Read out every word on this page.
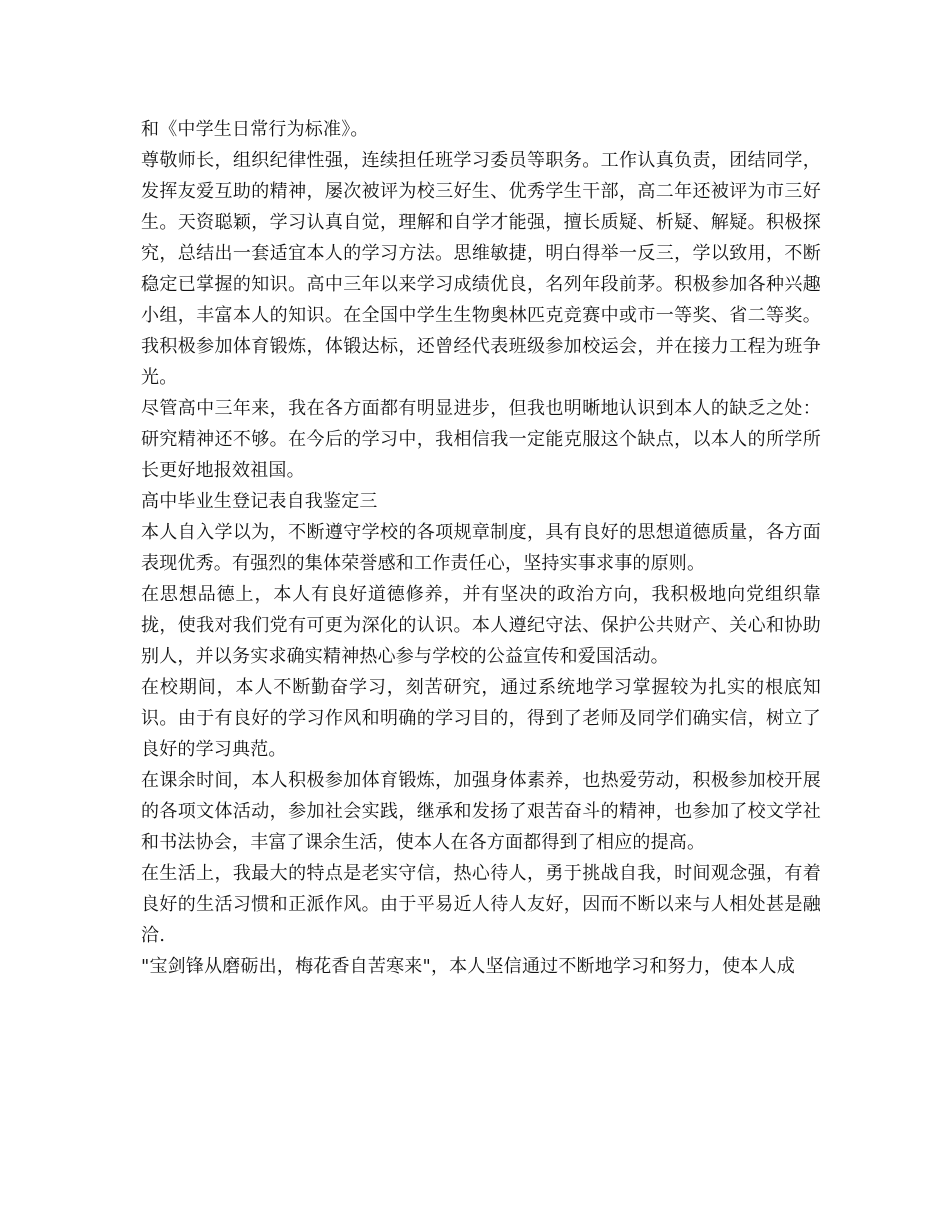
和《中学生日常行为标准》。

尊敬师长，组织纪律性强，连续担任班学习委员等职务。工作认真负责，团结同学，发挥友爱互助的精神，屡次被评为校三好生、优秀学生干部，高二年还被评为市三好生。天资聪颖，学习认真自觉，理解和自学才能强，擅长质疑、析疑、解疑。积极探究，总结出一套适宜本人的学习方法。思维敏捷，明白得举一反三，学以致用，不断稳定已掌握的知识。高中三年以来学习成绩优良，名列年段前茅。积极参加各种兴趣小组，丰富本人的知识。在全国中学生生物奥林匹克竞赛中或市一等奖、省二等奖。我积极参加体育锻炼，体锻达标，还曾经代表班级参加校运会，并在接力工程为班争光。

尽管高中三年来，我在各方面都有明显进步，但我也明晰地认识到本人的缺乏之处：研究精神还不够。在今后的学习中，我相信我一定能克服这个缺点，以本人的所学所长更好地报效祖国。

高中毕业生登记表自我鉴定三

本人自入学以为，不断遵守学校的各项规章制度，具有良好的思想道德质量，各方面表现优秀。有强烈的集体荣誉感和工作责任心，坚持实事求事的原则。

在思想品德上，本人有良好道德修养，并有坚决的政治方向，我积极地向党组织靠拢，使我对我们党有可更为深化的认识。本人遵纪守法、保护公共财产、关心和协助别人，并以务实求确实精神热心参与学校的公益宣传和爱国活动。

在校期间，本人不断勤奋学习，刻苦研究，通过系统地学习掌握较为扎实的根底知识。由于有良好的学习作风和明确的学习目的，得到了老师及同学们确实信，树立了良好的学习典范。

在课余时间，本人积极参加体育锻炼，加强身体素养，也热爱劳动，积极参加校开展的各项文体活动，参加社会实践，继承和发扬了艰苦奋斗的精神，也参加了校文学社和书法协会，丰富了课余生活，使本人在各方面都得到了相应的提高。

在生活上，我最大的特点是老实守信，热心待人，勇于挑战自我，时间观念强，有着良好的生活习惯和正派作风。由于平易近人待人友好，因而不断以来与人相处甚是融洽.

"宝剑锋从磨砺出，梅花香自苦寒来"，本人坚信通过不断地学习和努力，使本人成
